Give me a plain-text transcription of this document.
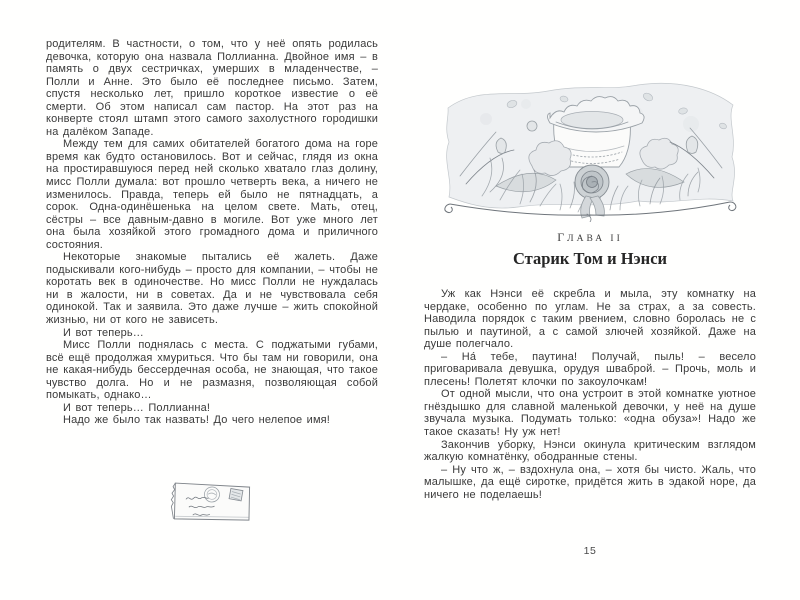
родителям. В частности, о том, что у неё опять родилась девочка, которую она назвала Поллианна. Двойное имя – в память о двух сестричках, умерших в младенчестве, – Полли и Анне. Это было её последнее письмо. Затем, спустя несколько лет, пришло короткое известие о её смерти. Об этом написал сам пастор. На этот раз на конверте стоял штамп этого самого захолустного городишки на далёком Западе.

Между тем для самих обитателей богатого дома на горе время как будто остановилось. Вот и сейчас, глядя из окна на простиравшуюся перед ней сколько хватало глаз долину, мисс Полли думала: вот прошло четверть века, а ничего не изменилось. Правда, теперь ей было не пятнадцать, а сорок. Одна-одинёшенька на целом свете. Мать, отец, сёстры – все давным-давно в могиле. Вот уже много лет она была хозяйкой этого громадного дома и приличного состояния.

Некоторые знакомые пытались её жалеть. Даже подыскивали кого-нибудь – просто для компании, – чтобы не коротать век в одиночестве. Но мисс Полли не нуждалась ни в жалости, ни в советах. Да и не чувствовала себя одинокой. Так и заявила. Это даже лучше – жить спокойной жизнью, ни от кого не зависеть.

И вот теперь…

Мисс Полли поднялась с места. С поджатыми губами, всё ещё продолжая хмуриться. Что бы там ни говорили, она не какая-нибудь бессердечная особа, не знающая, что такое чувство долга. Но и не размазня, позволяющая собой помыкать, однако…

И вот теперь… Поллианна!

Надо же было так назвать! До чего нелепое имя!

ГЛАВА II
Старик Том и Нэнси

Уж как Нэнси её скребла и мыла, эту комнатку на чердаке, особенно по углам. Не за страх, а за совесть. Наводила порядок с таким рвением, словно боролась не с пылью и паутиной, а с самой злючей хозяйкой. Даже на душе полегчало.

– На́ тебе, паутина! Получай, пыль! – весело приговаривала девушка, орудуя шваброй. – Прочь, моль и плесень! Полетят клочки по закоулочкам!

От одной мысли, что она устроит в этой комнатке уютное гнёздышко для славной маленькой девочки, у неё на душе звучала музыка. Подумать только: «одна обуза»! Надо же такое сказать! Ну уж нет!

Закончив уборку, Нэнси окинула критическим взглядом жалкую комнатёнку, ободранные стены.

– Ну что ж, – вздохнула она, – хотя бы чисто. Жаль, что малышке, да ещё сиротке, придётся жить в эдакой норе, да ничего не поделаешь!

15
